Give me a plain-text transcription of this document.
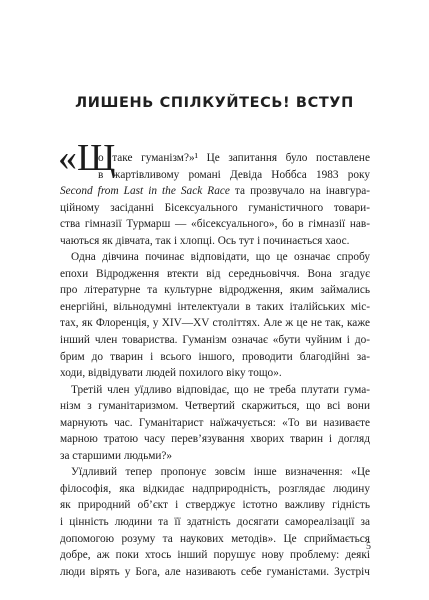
ЛИШЕНЬ СПІЛКУЙТЕСЬ! ВСТУП
«Щ
о таке гуманізм?»¹ Це запитання було поставлене
в жартівливому романі Девіда Ноббса 1983 року
Second from Last in the Sack Race та прозвучало на інавгура-
ційному засіданні Бісексуального гуманістичного товари-
ства гімназії Турмарш — «бісексуального», бо в гімназії нав-
чаються як дівчата, так і хлопці. Ось тут і починається хаос.
Одна дівчина починає відповідати, що це означає спробу
епохи Відродження втекти від середньовіччя. Вона згадує
про літературне та культурне відродження, яким займались
енергійні, вільнодумні інтелектуали в таких італійських міс-
тах, як Флоренція, у XIV—XV століттях. Але ж це не так, каже
інший член товариства. Гуманізм означає «бути чуйним і до-
брим до тварин і всього іншого, проводити благодійні за-
ходи, відвідувати людей похилого віку тощо».
Третій член уїдливо відповідає, що не треба плутати гума-
нізм з гуманітаризмом. Четвертий скаржиться, що всі вони
марнують час. Гуманітарист наїжачується: «То ви називаєте
марною тратою часу перев’язування хворих тварин і догляд
за старшими людьми?»
Уїдливий тепер пропонує зовсім інше визначення: «Це
філософія, яка відкидає надприродність, розглядає людину
як природний об’єкт і стверджує істотно важливу гідність
і цінність людини та її здатність досягати самореалізації за
допомогою розуму та наукових методів». Це сприймається
добре, аж поки хтось інший порушує нову проблему: деякі
люди вірять у Бога, але називають себе гуманістами. Зустріч
5
